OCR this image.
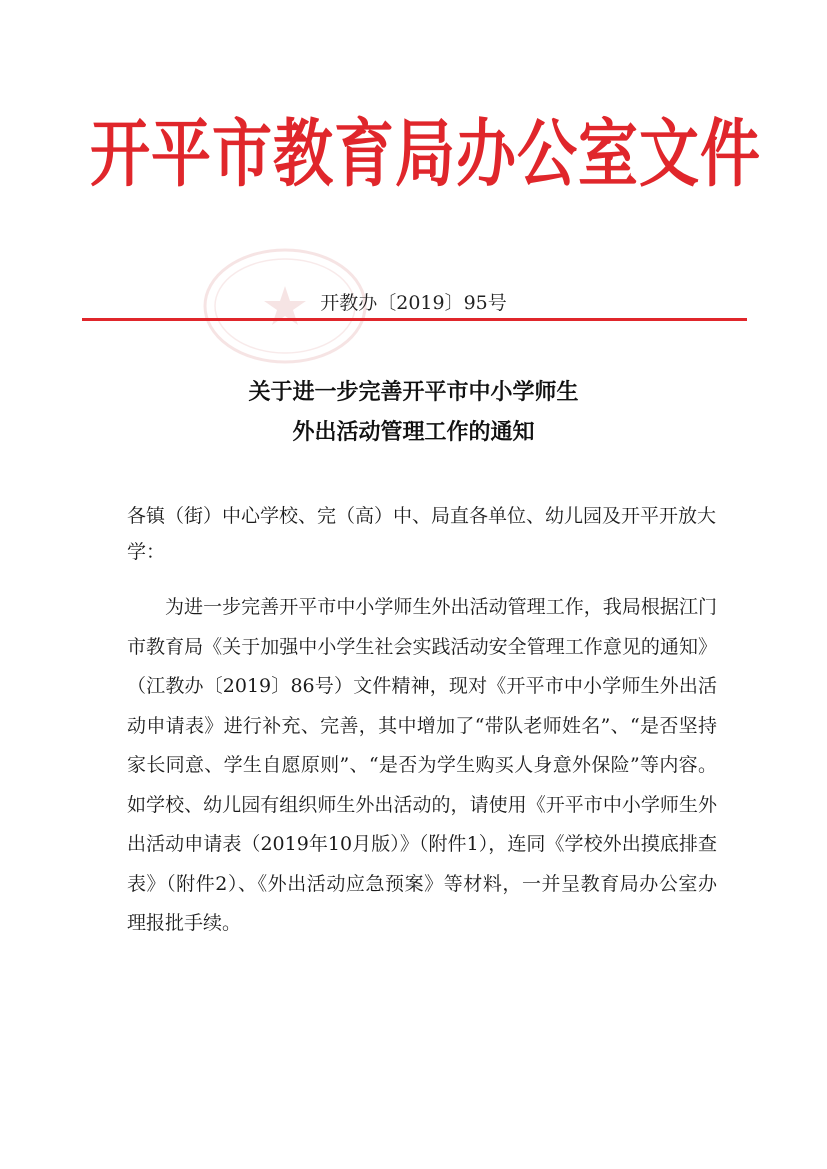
开平市教育局办公室文件
开教办〔2019〕95号
关于进一步完善开平市中小学师生
外出活动管理工作的通知
各镇（街）中心学校、完（高）中、局直各单位、幼儿园及开平开放大学：
为进一步完善开平市中小学师生外出活动管理工作，我局根据江门市教育局《关于加强中小学生社会实践活动安全管理工作意见的通知》（江教办〔2019〕86号）文件精神，现对《开平市中小学师生外出活动申请表》进行补充、完善，其中增加了“带队老师姓名”、“是否坚持家长同意、学生自愿原则”、“是否为学生购买人身意外保险”等内容。如学校、幼儿园有组织师生外出活动的，请使用《开平市中小学师生外出活动申请表（2019年10月版）》（附件1），连同《学校外出摸底排查表》（附件2）、《外出活动应急预案》等材料，一并呈教育局办公室办理报批手续。
